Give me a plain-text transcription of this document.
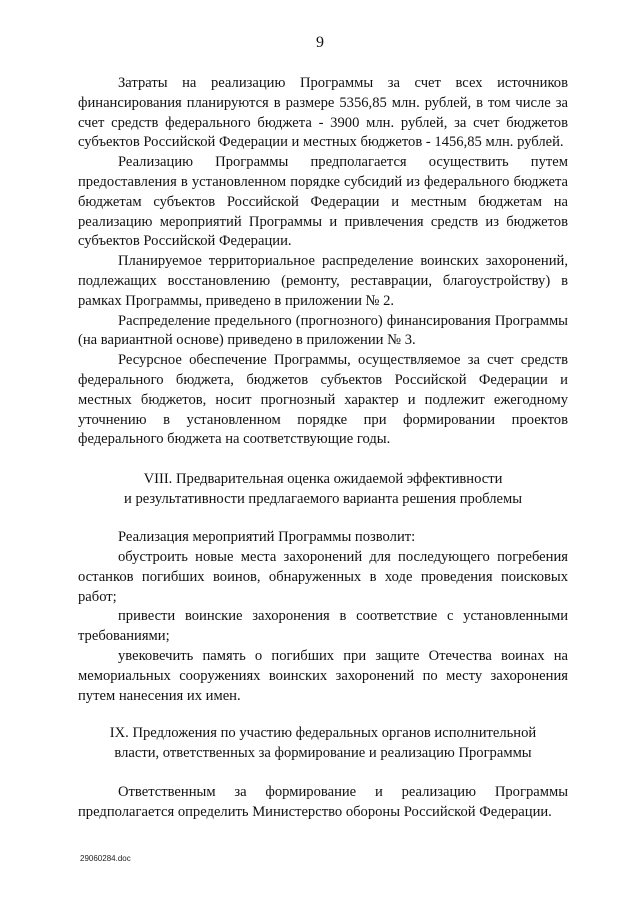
9

Затраты на реализацию Программы за счет всех источников финансирования планируются в размере 5356,85 млн. рублей, в том числе за счет средств федерального бюджета - 3900 млн. рублей, за счет бюджетов субъектов Российской Федерации и местных бюджетов - 1456,85 млн. рублей.

Реализацию Программы предполагается осуществить путем предоставления в установленном порядке субсидий из федерального бюджета бюджетам субъектов Российской Федерации и местным бюджетам на реализацию мероприятий Программы и привлечения средств из бюджетов субъектов Российской Федерации.

Планируемое территориальное распределение воинских захоронений, подлежащих восстановлению (ремонту, реставрации, благоустройству) в рамках Программы, приведено в приложении № 2.

Распределение предельного (прогнозного) финансирования Программы (на вариантной основе) приведено в приложении № 3.

Ресурсное обеспечение Программы, осуществляемое за счет средств федерального бюджета, бюджетов субъектов Российской Федерации и местных бюджетов, носит прогнозный характер и подлежит ежегодному уточнению в установленном порядке при формировании проектов федерального бюджета на соответствующие годы.

VIII. Предварительная оценка ожидаемой эффективности
и результативности предлагаемого варианта решения проблемы

Реализация мероприятий Программы позволит:

обустроить новые места захоронений для последующего погребения останков погибших воинов, обнаруженных в ходе проведения поисковых работ;

привести воинские захоронения в соответствие с установленными требованиями;

увековечить память о погибших при защите Отечества воинах на мемориальных сооружениях воинских захоронений по месту захоронения путем нанесения их имен.

IX. Предложения по участию федеральных органов исполнительной
власти, ответственных за формирование и реализацию Программы

Ответственным за формирование и реализацию Программы предполагается определить Министерство обороны Российской Федерации.

29060284.doc
